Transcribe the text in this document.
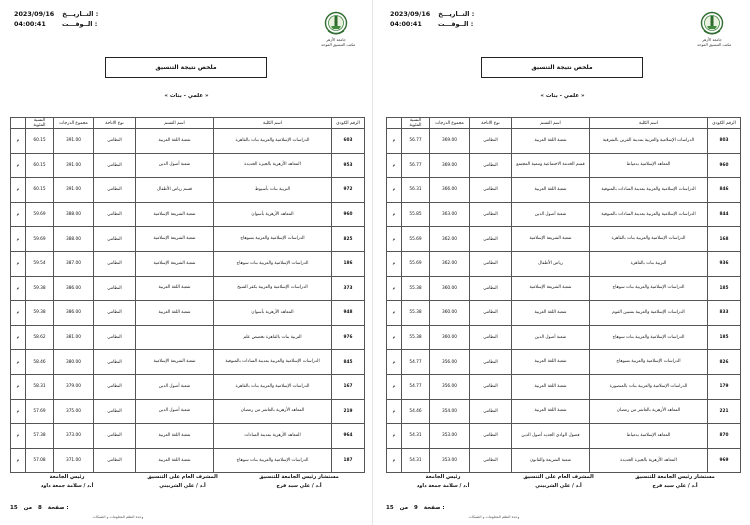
2023/09/16 التــاريـــخ :
04:00:41	الــوقـــت :
جامعة الأزهر
مكتب التنسيق الموحد
ملخص نتيجة التنسيق
« علمي - بنات »
الرقم الكودي	اسم الكلية	اسم القسم	نوع الاتاحة	مجموع الدرجات	النسبة المئوية	
603	الدراسات الإسلامية والعربية بنات بالقاهرة	شعبة اللغة العربية	النظامي	391.00	60.15	م
953	المعاهد الأزهرية بالجيزة الجديدة	شعبة أصول الدين	النظامي	391.00	60.15	م
972	التربية بنات بأسيوط	قسم رياض الأطفال	النظامي	391.00	60.15	م
960	المعاهد الأزهرية بأسوان	شعبة الشريعة الإسلامية	النظامي	388.00	59.69	م
825	الدراسات الإسلامية والعربية بسوهاج	شعبة الشريعة الإسلامية	النظامي	388.00	59.69	م
186	الدراسات الإسلامية والعربية بنات سوهاج	شعبة الشريعة الإسلامية	النظامي	387.00	59.54	م
373	الدراسات الإسلامية والعربية بكفر الشيخ	شعبة اللغة العربية	النظامي	386.00	59.38	م
948	المعاهد الأزهرية بأسوان	شعبة اللغة العربية	النظامي	386.00	59.38	م
976	التربية بنات بالقاهرة تخصص علم		النظامي	381.00	58.62	م
845	الدراسات الإسلامية والعربية بمدينة السادات بالمنوفية	شعبة الشريعة الإسلامية	النظامي	380.00	58.46	م
167	الدراسات الإسلامية والعربية بنات بالقاهرة	شعبة أصول الدين	النظامي	379.00	58.31	م
219	المعاهد الأزهرية بالعاشر من رمضان	شعبة أصول الدين	النظامي	375.00	57.69	م
964	المعاهد الأزهرية بمدينة السادات	شعبة اللغة العربية	النظامي	373.00	57.38	م
187	الدراسات الإسلامية والعربية بنات سوهاج	شعبة اللغة العربية	النظامي	371.00	57.08	م
مستشار رئيس الجامعة للتنسيق
أ.د / علي سيد فرج
المشرف العام على التنسيق
أ.د / علي الشربيني
رئيس الجامعة
أ.د / سلامة جمعة داود
15 من 8 صفحة :
وحدة النظم المعلومات و الشبكات
2023/09/16 التــاريـــخ :
04:00:41	الــوقـــت :
جامعة الأزهر
مكتب التنسيق الموحد
ملخص نتيجة التنسيق
« علمي - بنات »
الرقم الكودي	اسم الكلية	اسم القسم	نوع الاتاحة	مجموع الدرجات	النسبة المئوية	
803	الدراسات الإسلامية والعربية بمدينة القرين بالشرقية	شعبة اللغة العربية	النظامي	369.00	56.77	م
960	المعاهد الإسلامية بدمياط	قسم الخدمة الاجتماعية وتنمية المجتمع	النظامي	369.00	56.77	م
846	الدراسات الإسلامية والعربية بمدينة السادات بالمنوفية	شعبة اللغة العربية	النظامي	366.00	56.31	م
844	الدراسات الإسلامية والعربية بمدينة السادات بالمنوفية	شعبة أصول الدين	النظامي	363.00	55.85	م
168	الدراسات الإسلامية والعربية بنات بالقاهرة	شعبة الشريعة الإسلامية	النظامي	362.00	55.69	م
936	التربية بنات بالقاهرة	رياض الأطفال	النظامي	362.00	55.69	م
185	الدراسات الإسلامية والعربية بنات سوهاج	شعبة الشريعة الإسلامية	النظامي	360.00	55.38	م
833	الدراسات الإسلامية والعربية بشبين القوم	شعبة اللغة العربية	النظامي	360.00	55.38	م
185	الدراسات الإسلامية والعربية بنات سوهاج	شعبة أصول الدين	النظامي	360.00	55.38	م
826	الدراسات الإسلامية والعربية بسوهاج	شعبة اللغة العربية	النظامي	356.00	54.77	م
179	الدراسات الإسلامية والعربية بنات بالمنصورة	شعبة اللغة العربية	النظامي	356.00	54.77	م
221	المعاهد الأزهرية بالعاشر من رمضان	شعبة اللغة العربية	النظامي	354.00	54.46	م
870	المعاهد الإسلامية بدمياط	فصول الوادي الجديد أصول الدين	النظامي	353.00	54.31	م
969	المعاهد الأزهرية بالجيزة الجديدة	شعبة الشريعة والقانون	النظامي	353.00	54.31	م
مستشار رئيس الجامعة للتنسيق
أ.د / علي سيد فرج
المشرف العام على التنسيق
أ.د / علي الشربيني
رئيس الجامعة
أ.د / سلامة جمعة داود
15 من 9 صفحة :
وحدة النظم المعلومات و الشبكات
